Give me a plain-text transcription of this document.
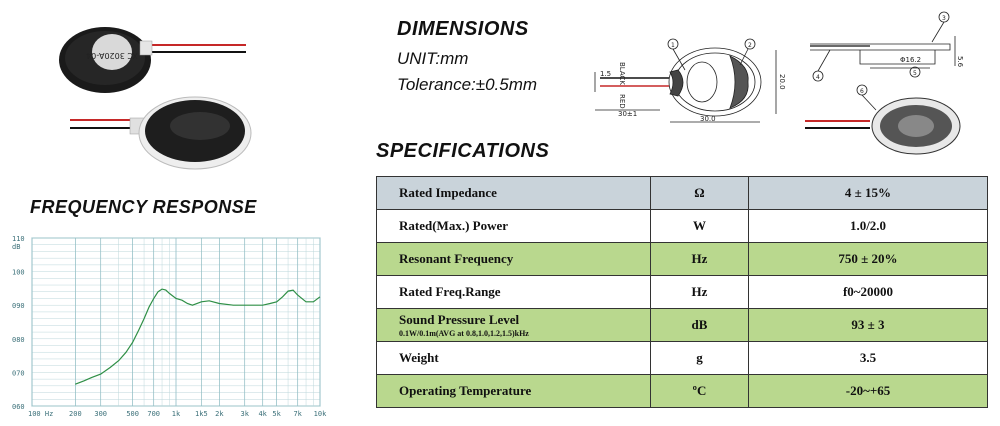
XC 3020A-04
DIMENSIONS
UNIT:mm
Tolerance:±0.5mm
SPECIFICATIONS
FREQUENCY RESPONSE
BLACK
RED
1.5
30±1
30.0
20.0
1	2
3
4
5
6
Φ16.2	5.6
Rated Impedance	Ω	4 ± 15%
Rated(Max.) Power	W	1.0/2.0
Resonant Frequency	Hz	750 ± 20%
Rated Freq.Range	Hz	f0~20000
Sound Pressure Level
0.1W/0.1m(AVG at 0.8,1.0,1.2,1.5)kHz	dB	93 ± 3
Weight	g	3.5
Operating Temperature	ºC	-20~+65
060
070
080
090
100
110
dB
100 Hz 200 300	500 700 1k 1k5 2k 3k 4k 5k 7k 10k
